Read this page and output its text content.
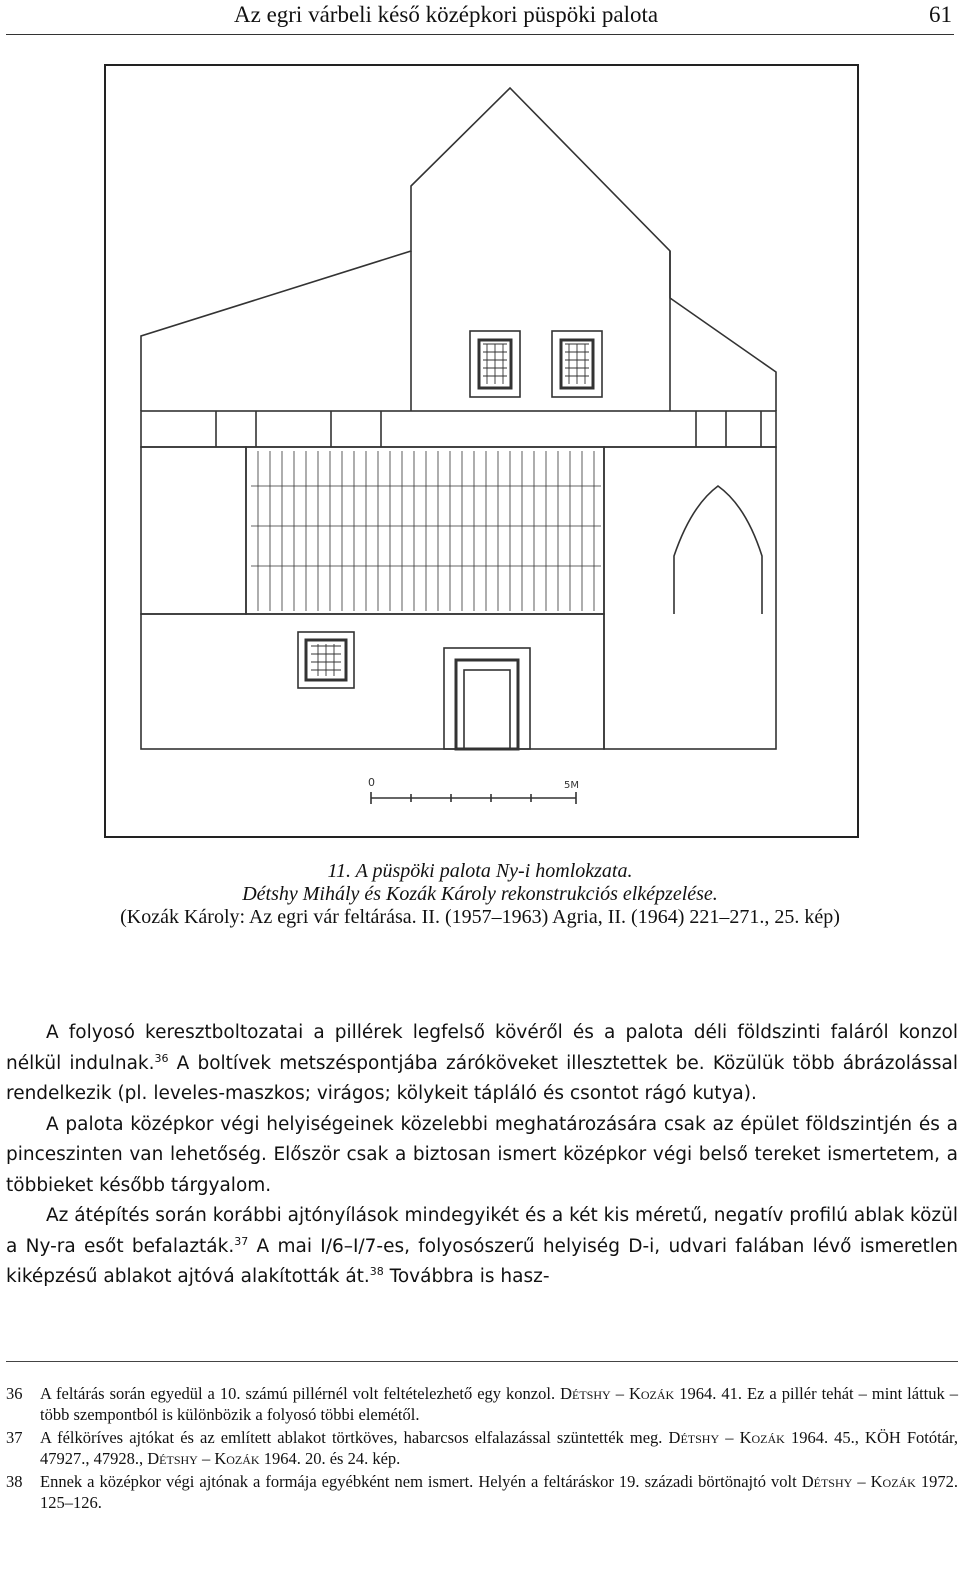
Az egri várbeli késő középkori püspöki palota	61
0	5M
11. A püspöki palota Ny-i homlokzata.
Détshy Mihály és Kozák Károly rekonstrukciós elképzelése.
(Kozák Károly: Az egri vár feltárása. II. (1957–1963) Agria, II. (1964) 221–271., 25. kép)

A folyosó keresztboltozatai a pillérek legfelső kövéről és a palota déli földszinti faláról konzol nélkül indulnak.$^{36}$ A boltívek metszéspontjába záróköveket illesztettek be. Közülük több ábrázolással rendelkezik (pl. leveles-maszkos; virágos; kölykeit tápláló és csontot rágó kutya).

A palota középkor végi helyiségeinek közelebbi meghatározására csak az épület földszintjén és a pinceszinten van lehetőség. Először csak a biztosan ismert középkor végi belső tereket ismertetem, a többieket később tárgyalom.

Az átépítés során korábbi ajtónyílások mindegyikét és a két kis méretű, negatív profilú ablak közül a Ny-ra esőt befalazták.$^{37}$ A mai I/6–I/7-es, folyosószerű helyiség D-i, udvari falában lévő ismeretlen kiképzésű ablakot ajtóvá alakították át.$^{38}$ Továbbra is hasz-

36 A feltárás során egyedül a 10. számú pillérnél volt feltételezhető egy konzol. Détshy – Kozák 1964. 41. Ez a pillér tehát – mint láttuk – több szempontból is különbözik a folyosó többi elemétől.
37 A félköríves ajtókat és az említett ablakot törtköves, habarcsos elfalazással szüntették meg. Détshy – Kozák 1964. 45., KÖH Fotótár, 47927., 47928., Détshy – Kozák 1964. 20. és 24. kép.
38 Ennek a középkor végi ajtónak a formája egyébként nem ismert. Helyén a feltáráskor 19. századi börtönajtó volt Détshy – Kozák 1972. 125–126.
